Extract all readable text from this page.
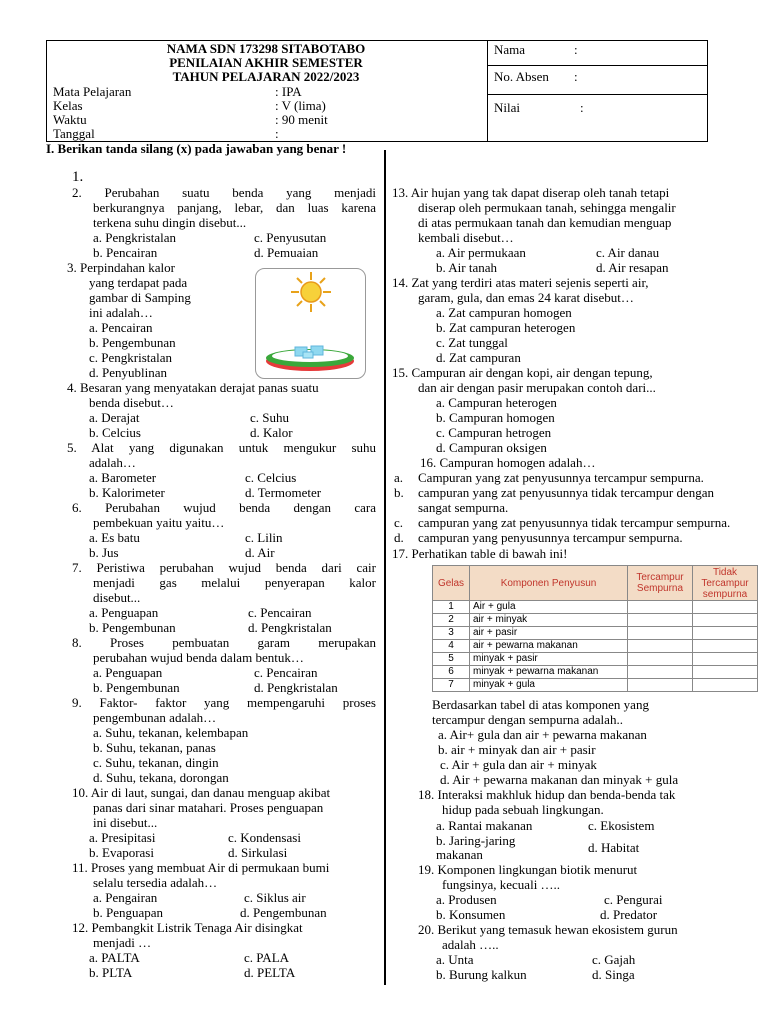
NAMA SDN 173298 SITABOTABO
PENILAIAN AKHIR SEMESTER
TAHUN PELAJARAN 2022/2023
Mata Pelajaran	: IPA
Kelas	: V (lima)
Waktu	: 90 menit
Tanggal	:
Nama	:
No. Absen :
Nilai	:
I. Berikan tanda silang (x) pada jawaban yang benar !
1.
2. Perubahan suatu benda yang menjadi
berkurangnya panjang, lebar, dan luas karena
terkena suhu dingin disebut...
a. Pengkristalan	c. Penyusutan
b. Pencairan	d. Pemuaian
3. Perpindahan kalor
yang terdapat pada
gambar di Samping
ini adalah…
a. Pencairan
b. Pengembunan
c. Pengkristalan
d. Penyublinan
4. Besaran yang menyatakan derajat panas suatu
benda disebut…
a. Derajat	c. Suhu
b. Celcius	d. Kalor
5. Alat yang digunakan untuk mengukur suhu
adalah…
a. Barometer	c. Celcius
b. Kalorimeter	d. Termometer
6. Perubahan wujud benda dengan cara
pembekuan yaitu yaitu…
a. Es batu	c. Lilin
b. Jus	d. Air
7. Peristiwa perubahan wujud benda dari cair
menjadi gas melalui penyerapan kalor
disebut...
a. Penguapan	c. Pencairan
b. Pengembunan	d. Pengkristalan
8. Proses pembuatan garam merupakan
perubahan wujud benda dalam bentuk…
a. Penguapan	c. Pencairan
b. Pengembunan	d. Pengkristalan
9. Faktor- faktor yang mempengaruhi proses
pengembunan adalah…
a. Suhu, tekanan, kelembapan
b. Suhu, tekanan, panas
c. Suhu, tekanan, dingin
d. Suhu, tekana, dorongan
10. Air di laut, sungai, dan danau menguap akibat
panas dari sinar matahari. Proses penguapan
ini disebut...
a. Presipitasi	c. Kondensasi
b. Evaporasi	d. Sirkulasi
11. Proses yang membuat Air di permukaan bumi
selalu tersedia adalah…
a. Pengairan	c. Siklus air
b. Penguapan	d. Pengembunan
12. Pembangkit Listrik Tenaga Air disingkat
menjadi …
a. PALTA	c. PALA
b. PLTA	d. PELTA
13. Air hujan yang tak dapat diserap oleh tanah tetapi
diserap oleh permukaan tanah, sehingga mengalir
di atas permukaan tanah dan kemudian menguap
kembali disebut…
a. Air permukaan	c. Air danau
b. Air tanah	d. Air resapan
14. Zat yang terdiri atas materi sejenis seperti air,
garam, gula, dan emas 24 karat disebut…
a. Zat campuran homogen
b. Zat campuran heterogen
c. Zat tunggal
d. Zat campuran
15. Campuran air dengan kopi, air dengan tepung,
dan air dengan pasir merupakan contoh dari...
a. Campuran heterogen
b. Campuran homogen
c. Campuran hetrogen
d. Campuran oksigen
16. Campuran homogen adalah…
a. Campuran yang zat penyusunnya tercampur sempurna.
b. campuran yang zat penyusunnya tidak tercampur dengan
sangat sempurna.
c. campuran yang zat penyusunnya tidak tercampur sempurna.
d. campuran yang penyusunnya tercampur sempurna.
17. Perhatikan table di bawah ini!
Gelas	Komponen Penyusun	Tercampur Sempurna	Tidak Tercampur sempurna
1	Air + gula		
2	air + minyak		
3	air + pasir		
4	air + pewarna makanan		
5	minyak + pasir		
6	minyak + pewarna makanan		
7	minyak + gula		
Berdasarkan tabel di atas komponen yang
tercampur dengan sempurna adalah..
a. Air+ gula dan air + pewarna makanan
b. air + minyak dan air + pasir
c. Air + gula dan air + minyak
d. Air + pewarna makanan dan minyak + gula
18. Interaksi makhluk hidup dan benda-benda tak
hidup pada sebuah lingkungan.
a. Rantai makanan	c. Ekosistem
b. Jaring-jaring
makanan	d. Habitat
19. Komponen lingkungan biotik menurut
fungsinya, kecuali …..
a. Produsen	c. Pengurai
b. Konsumen	d. Predator
20. Berikut yang temasuk hewan ekosistem gurun
adalah …..
a. Unta	c. Gajah
b. Burung kalkun	d. Singa
